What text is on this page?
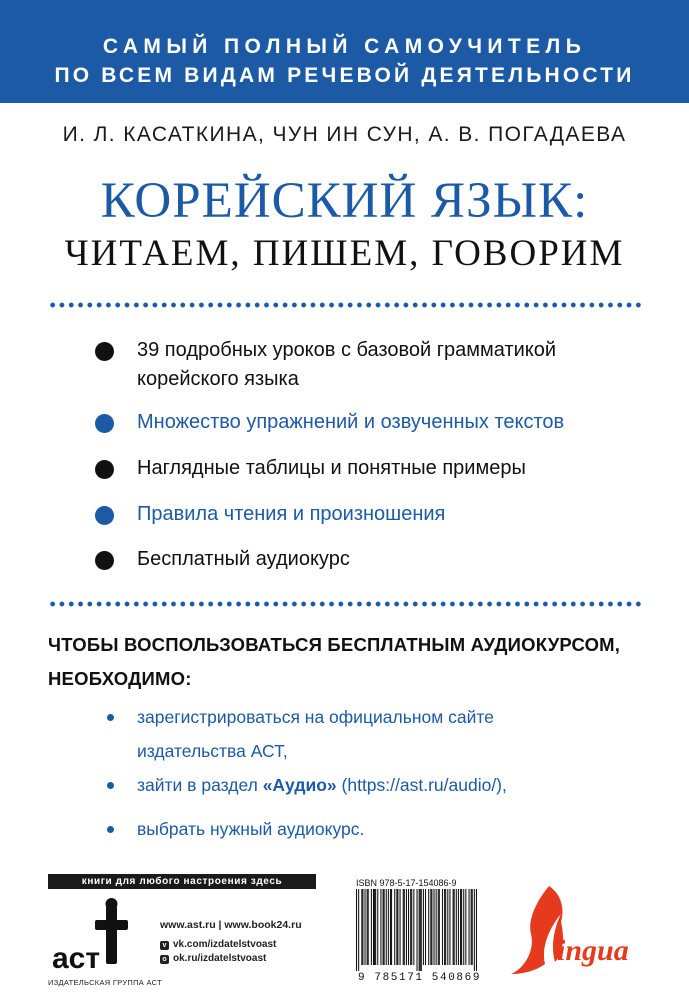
САМЫЙ ПОЛНЫЙ САМОУЧИТЕЛЬ
ПО ВСЕМ ВИДАМ РЕЧЕВОЙ ДЕЯТЕЛЬНОСТИ
И. Л. КАСАТКИНА, ЧУН ИН СУН, А. В. ПОГАДАЕВА
КОРЕЙСКИЙ ЯЗЫК:
ЧИТАЕМ, ПИШЕМ, ГОВОРИМ
39 подробных уроков с базовой грамматикой
корейского языка
Множество упражнений и озвученных текстов
Наглядные таблицы и понятные примеры
Правила чтения и произношения
Бесплатный аудиокурс
ЧТОБЫ ВОСПОЛЬЗОВАТЬСЯ БЕСПЛАТНЫМ АУДИОКУРСОМ,
НЕОБХОДИМО:
зарегистрироваться на официальном сайте
издательства АСТ,
зайти в раздел «Аудио» (https://ast.ru/audio/),
выбрать нужный аудиокурс.
книги для любого настроения здесь
аст
ИЗДАТЕЛЬСКАЯ ГРУППА АСТ
www.ast.ru | www.book24.ru
v vk.com/izdatelstvoast
o ok.ru/izdatelstvoast
ISBN 978-5-17-154086-9
9 785171 540869
ingua
